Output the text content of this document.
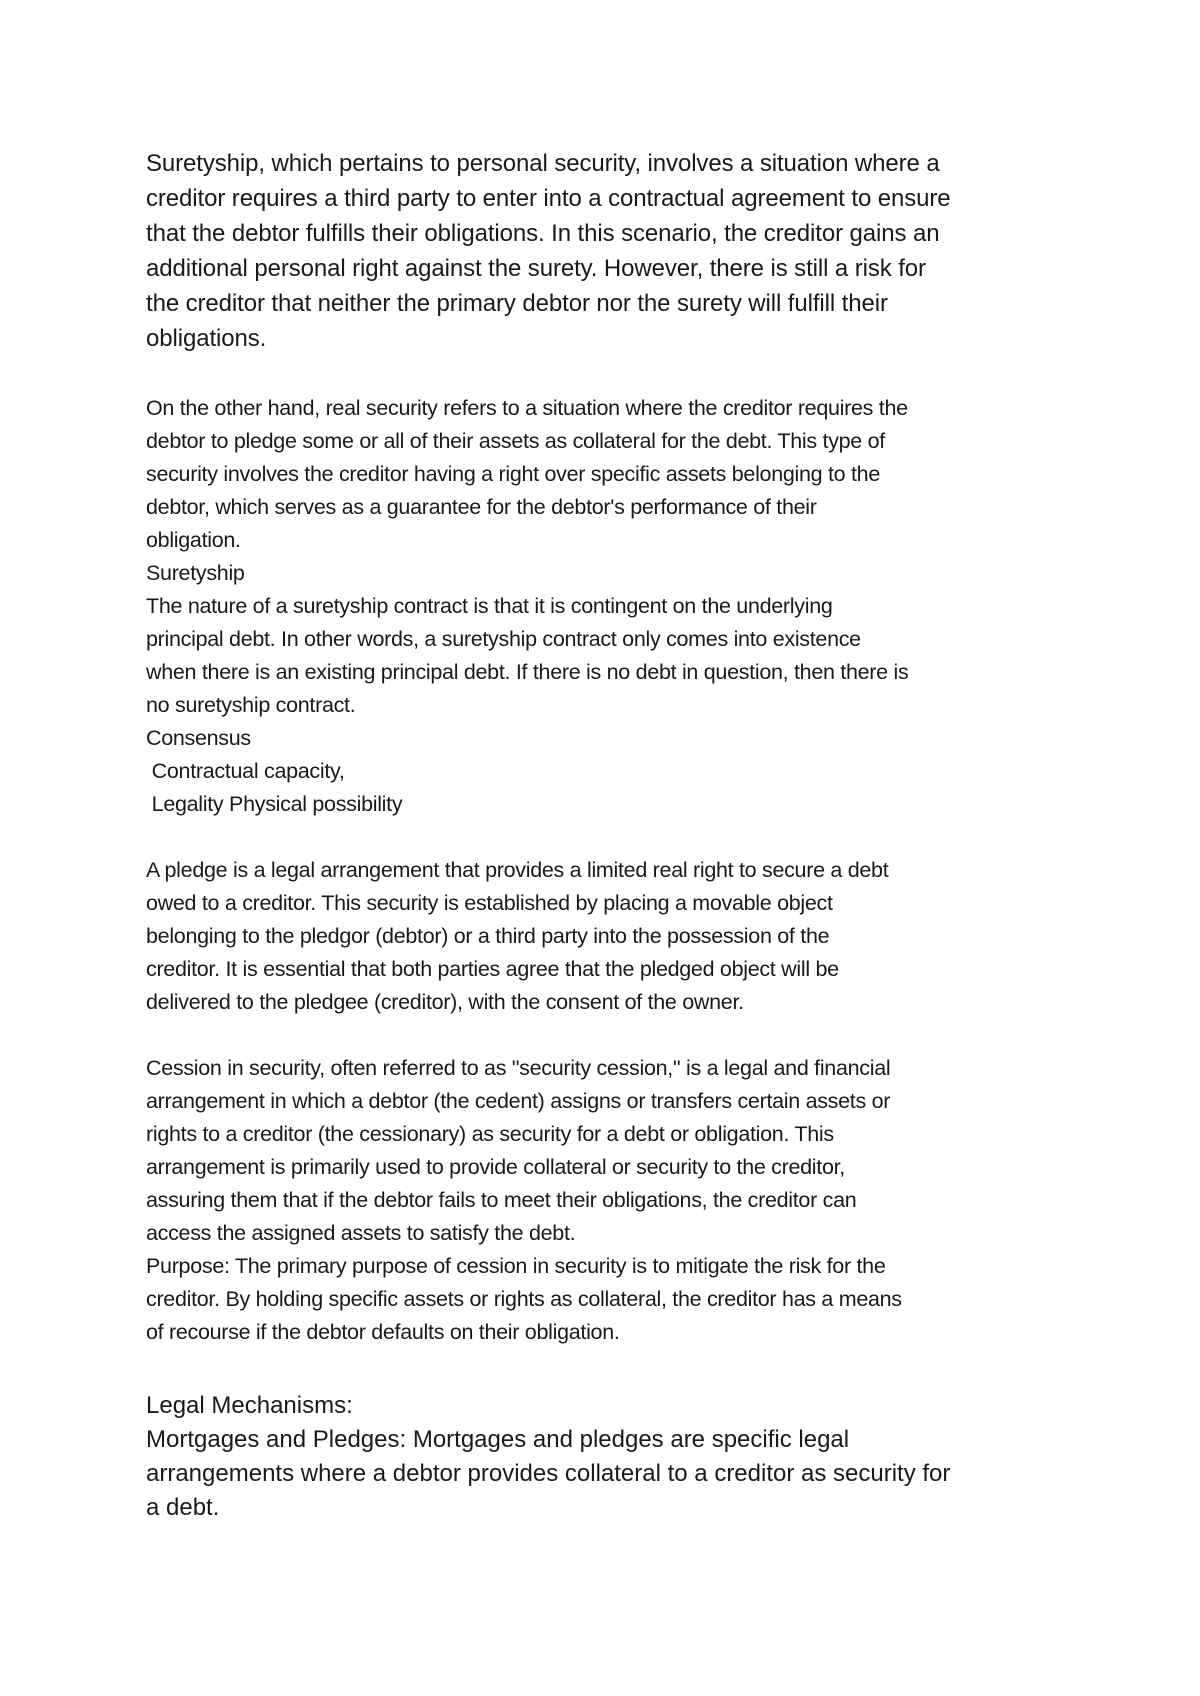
Suretyship, which pertains to personal security, involves a situation where a
creditor requires a third party to enter into a contractual agreement to ensure
that the debtor fulfills their obligations. In this scenario, the creditor gains an
additional personal right against the surety. However, there is still a risk for
the creditor that neither the primary debtor nor the surety will fulfill their
obligations.
On the other hand, real security refers to a situation where the creditor requires the
debtor to pledge some or all of their assets as collateral for the debt. This type of
security involves the creditor having a right over specific assets belonging to the
debtor, which serves as a guarantee for the debtor's performance of their
obligation.
Suretyship
The nature of a suretyship contract is that it is contingent on the underlying
principal debt. In other words, a suretyship contract only comes into existence
when there is an existing principal debt. If there is no debt in question, then there is
no suretyship contract.
Consensus
Contractual capacity,
Legality Physical possibility
A pledge is a legal arrangement that provides a limited real right to secure a debt
owed to a creditor. This security is established by placing a movable object
belonging to the pledgor (debtor) or a third party into the possession of the
creditor. It is essential that both parties agree that the pledged object will be
delivered to the pledgee (creditor), with the consent of the owner.
Cession in security, often referred to as "security cession," is a legal and financial
arrangement in which a debtor (the cedent) assigns or transfers certain assets or
rights to a creditor (the cessionary) as security for a debt or obligation. This
arrangement is primarily used to provide collateral or security to the creditor,
assuring them that if the debtor fails to meet their obligations, the creditor can
access the assigned assets to satisfy the debt.
Purpose: The primary purpose of cession in security is to mitigate the risk for the
creditor. By holding specific assets or rights as collateral, the creditor has a means
of recourse if the debtor defaults on their obligation.
Legal Mechanisms:
Mortgages and Pledges: Mortgages and pledges are specific legal
arrangements where a debtor provides collateral to a creditor as security for
a debt.
